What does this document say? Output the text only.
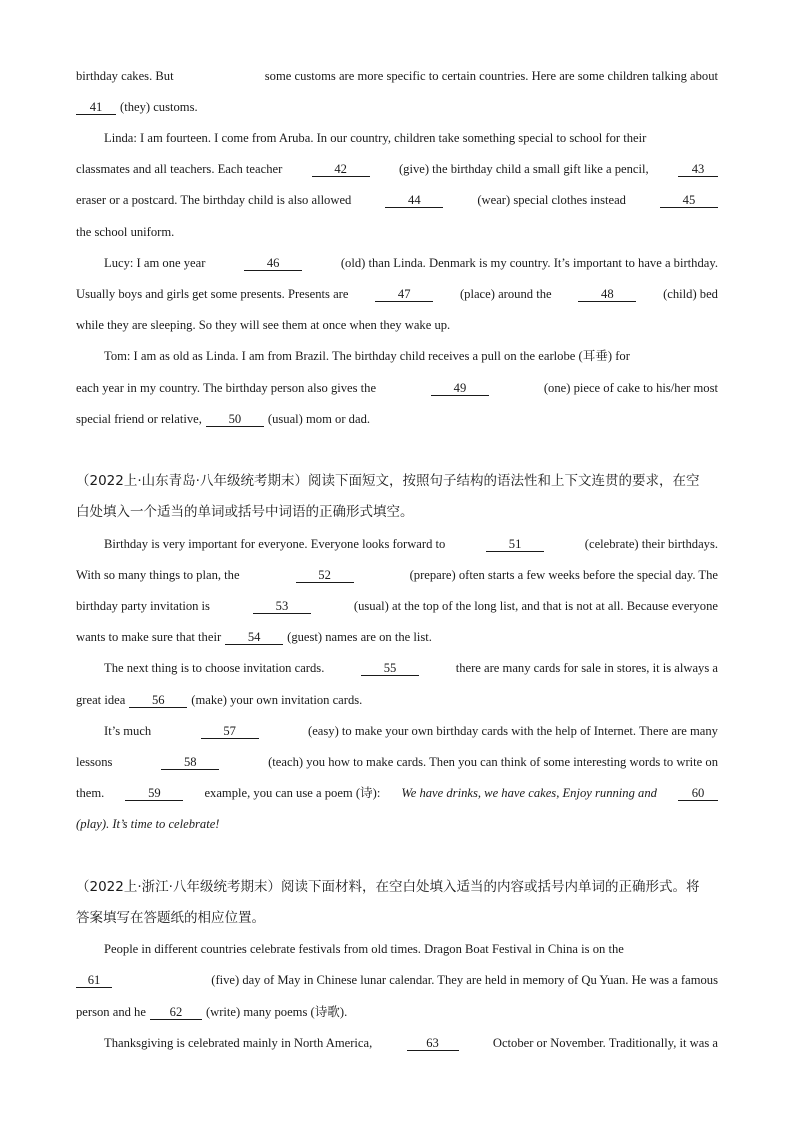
birthday cakes. But	some customs are more specific to certain countries. Here are some children talking about
41	(they) customs.
Linda: I am fourteen. I come from Aruba. In our country, children take something special to school for their
classmates and all teachers. Each teacher	42	(give) the birthday child a small gift like a pencil,	43
eraser or a postcard. The birthday child is also allowed	44	(wear) special clothes instead	45
the school uniform.
Lucy: I am one year	46	(old) than Linda. Denmark is my country. It’s important to have a birthday.
Usually boys and girls get some presents. Presents are	47	(place) around the	48	(child) bed
while they are sleeping. So they will see them at once when they wake up.
Tom: I am as old as Linda. I am from Brazil. The birthday child receives a pull on the earlobe (耳垂) for
each year in my country. The birthday person also gives the	49	(one) piece of cake to his/her most
special friend or relative,	50	(usual) mom or dad.
（2022上·山东青岛·八年级统考期末）阅读下面短文，按照句子结构的语法性和上下文连贯的要求，在空
白处填入一个适当的单词或括号中词语的正确形式填空。
Birthday is very important for everyone. Everyone looks forward to	51	(celebrate) their birthdays.
With so many things to plan, the	52	(prepare) often starts a few weeks before the special day. The
birthday party invitation is	53	(usual) at the top of the long list, and that is not at all. Because everyone
wants to make sure that their	54	(guest) names are on the list.
The next thing is to choose invitation cards.	55	there are many cards for sale in stores, it is always a
great idea	56	(make) your own invitation cards.
It’s much	57	(easy) to make your own birthday cards with the help of Internet. There are many
lessons	58	(teach) you how to make cards. Then you can think of some interesting words to write on
them.	59	example, you can use a poem (诗): We have drinks, we have cakes, Enjoy running and	60
(play). It’s time to celebrate!
（2022上·浙江·八年级统考期末）阅读下面材料，在空白处填入适当的内容或括号内单词的正确形式。将
答案填写在答题纸的相应位置。
People in different countries celebrate festivals from old times. Dragon Boat Festival in China is on the
61	(five) day of May in Chinese lunar calendar. They are held in memory of Qu Yuan. He was a famous
person and he	62	(write) many poems (诗歌).
Thanksgiving is celebrated mainly in North America,	63	October or November. Traditionally, it was a
